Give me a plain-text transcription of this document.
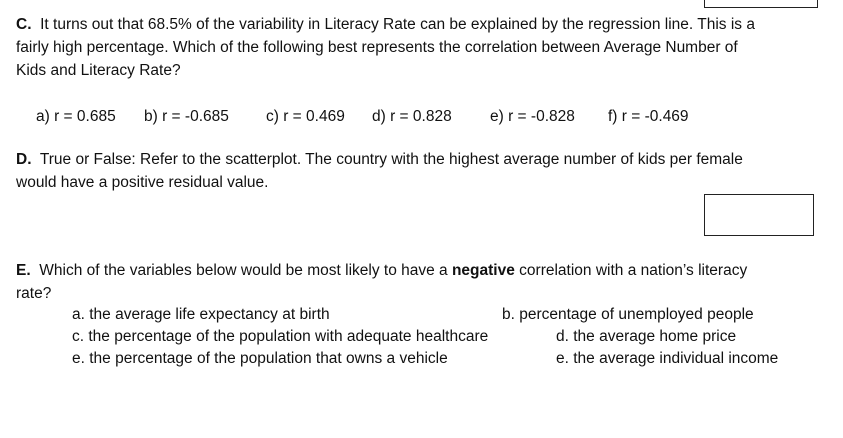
C. It turns out that 68.5% of the variability in Literacy Rate can be explained by the regression line. This is a
fairly high percentage. Which of the following best represents the correlation between Average Number of
Kids and Literacy Rate?
a) r = 0.685 b) r = -0.685 c) r = 0.469 d) r = 0.828 e) r = -0.828 f) r = -0.469
D. True or False: Refer to the scatterplot. The country with the highest average number of kids per female
would have a positive residual value.
E. Which of the variables below would be most likely to have a negative correlation with a nation’s literacy
rate?
a. the average life expectancy at birth	b. percentage of unemployed people
c. the percentage of the population with adequate healthcare	d. the average home price
e. the percentage of the population that owns a vehicle	e. the average individual income
